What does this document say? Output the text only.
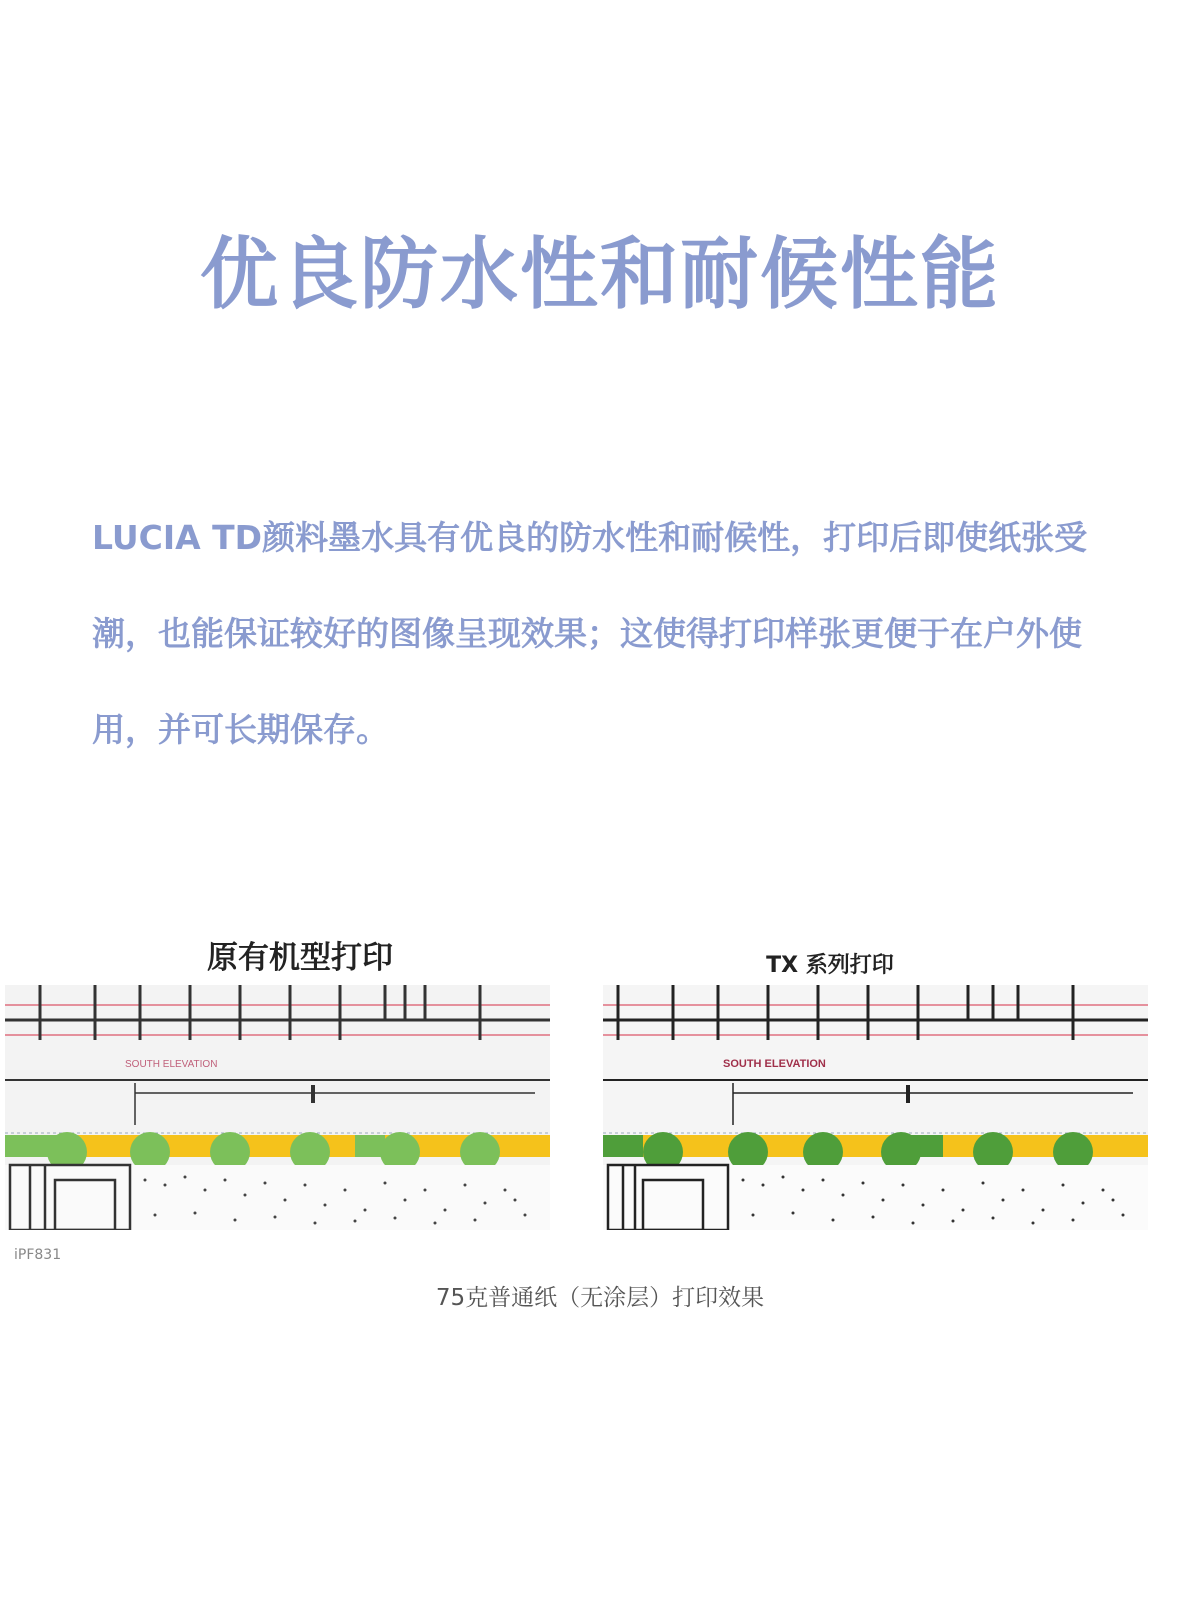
优良防水性和耐候性能

LUCIA TD颜料墨水具有优良的防水性和耐候性，打印后即使纸张受潮，也能保证较好的图像呈现效果；这使得打印样张更便于在户外使用，并可长期保存。

原有机型打印	TX 系列打印
SOUTH ELEVATION	SOUTH ELEVATION
iPF831
75克普通纸（无涂层）打印效果
